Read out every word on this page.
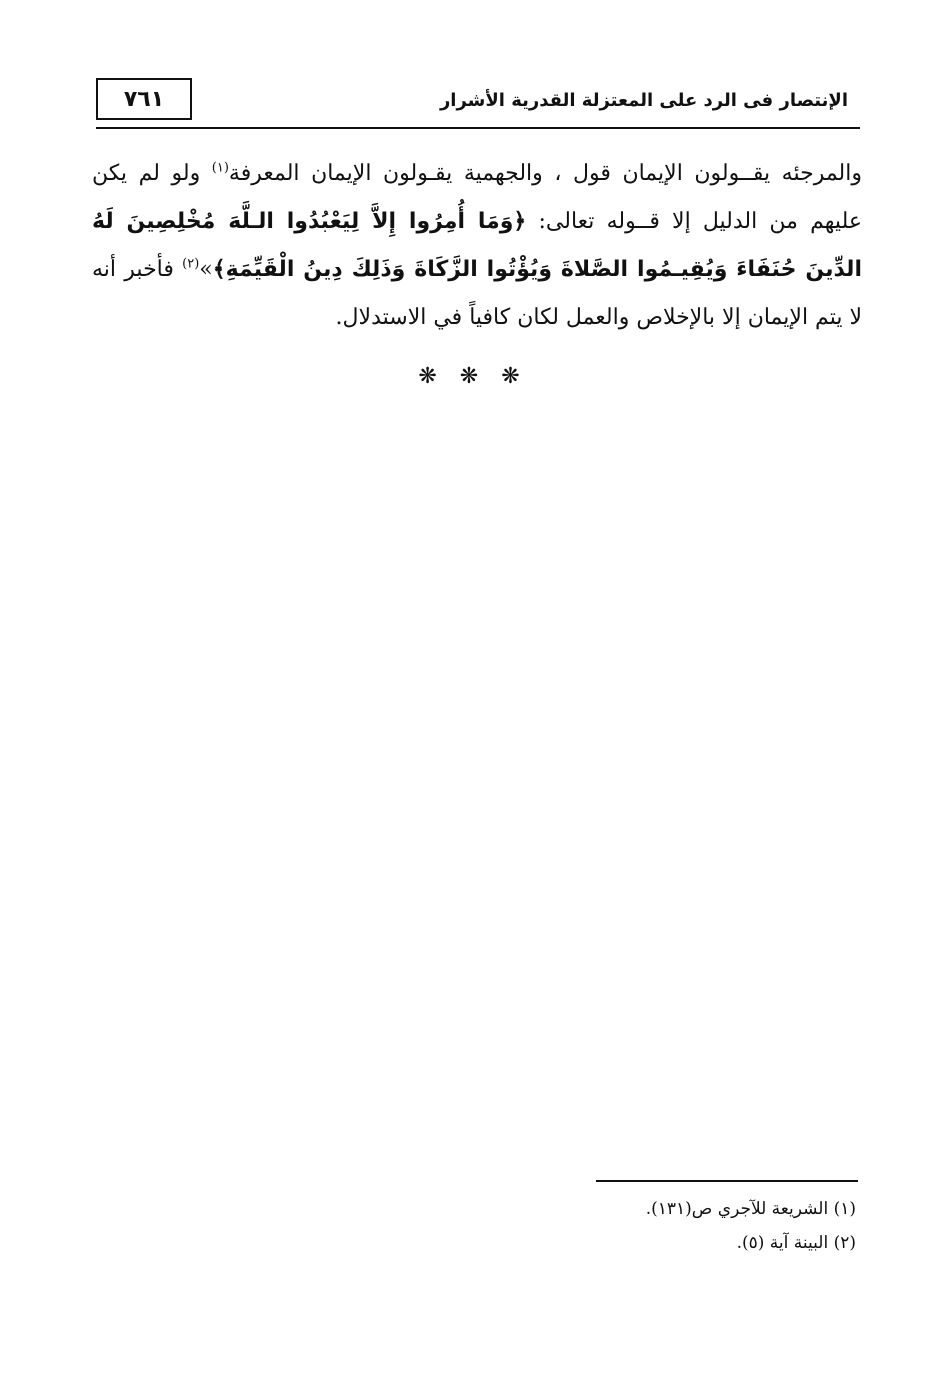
٧٦١	الإنتصار فى الرد على المعتزلة القدرية الأشرار
والمرجئه يقــولون الإيمان قول ، والجهمية يقـولون الإيمان المعرفة$^{(١)}$ ولو لم يكن عليهم من الدليل إلا قــوله تعالى: ﴿وَمَا أُمِرُوا إِلاَّ لِيَعْبُدُوا الـلَّهَ مُخْلِصِينَ لَهُ الدِّينَ حُنَفَاءَ وَيُقِيـمُوا الصَّلاةَ وَيُؤْتُوا الزَّكَاةَ وَذَلِكَ دِينُ الْقَيِّمَةِ﴾»$^{(٢)}$ فأخبر أنه لا يتم الإيمان إلا بالإخلاص والعمل لكان كافياً في الاستدلال.
❋ ❋ ❋
(١) الشريعة للآجري ص(١٣١).
(٢) البينة آية (٥).
